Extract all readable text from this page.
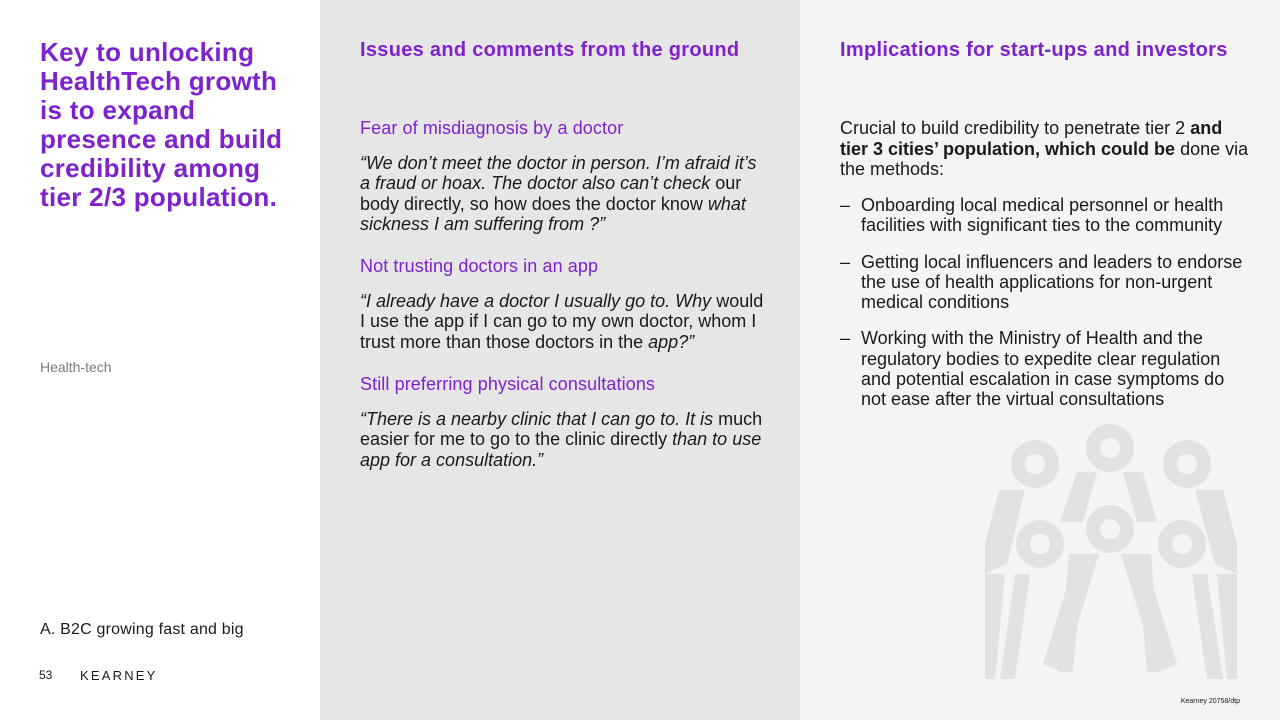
Key to unlocking HealthTech growth is to expand presence and build credibility among tier 2/3 population.
Health-tech
A. B2C growing fast and big
53 KEARNEY
Issues and comments from the ground
Fear of misdiagnosis by a doctor

“We don’t meet the doctor in person. I’m afraid it’s a fraud or hoax. The doctor also can’t check our body directly, so how does the doctor know what sickness I am suffering from ?”

Not trusting doctors in an app

“I already have a doctor I usually go to. Why would I use the app if I can go to my own doctor, whom I trust more than those doctors in the app?”

Still preferring physical consultations

“There is a nearby clinic that I can go to. It is much easier for me to go to the clinic directly than to use app for a consultation.”

Implications for start-ups and investors

Crucial to build credibility to penetrate tier 2 and tier 3 cities’ population, which could be done via the methods:

– Onboarding local medical personnel or health facilities with significant ties to the community
– Getting local influencers and leaders to endorse the use of health applications for non-urgent medical conditions
– Working with the Ministry of Health and the regulatory bodies to expedite clear regulation and potential escalation in case symptoms do not ease after the virtual consultations
Kearney 20758/dtp
